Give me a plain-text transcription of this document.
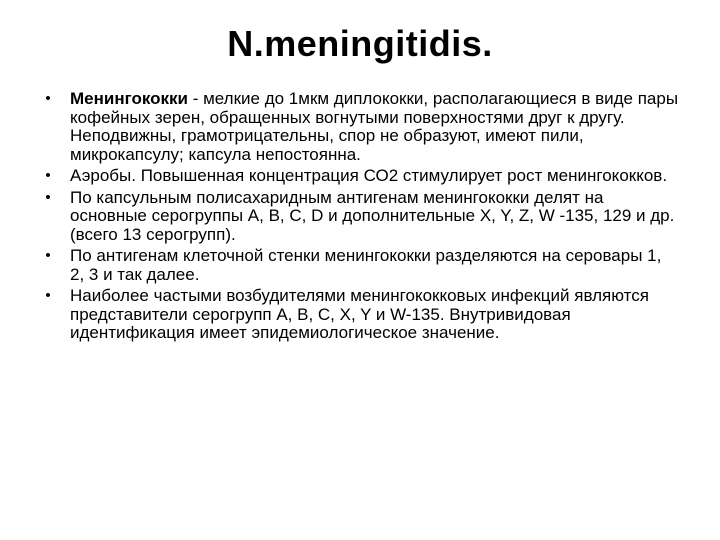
N.meningitidis.
•	Менингококки - мелкие до 1мкм диплококки, располагающиеся в виде пары кофейных зерен, обращенных вогнутыми поверхностями друг к другу. Неподвижны, грамотрицательны, спор не образуют, имеют пили, микрокапсулу; капсула непостоянна.
•	Аэробы. Повышенная концентрация СО2 стимулирует рост менингококков.
•	По капсульным полисахаридным антигенам менингококки делят на основные серогруппы A, B, C, D и дополнительные X, Y, Z, W -135, 129 и др. (всего 13 серогрупп).
•	По антигенам клеточной стенки менингококки разделяются на серовары 1, 2, 3 и так далее.
•	Наиболее частыми возбудителями менингококковых инфекций являются представители серогрупп A, B, C, X, Y и W-135. Внутривидовая идентификация имеет эпидемиологическое значение.
